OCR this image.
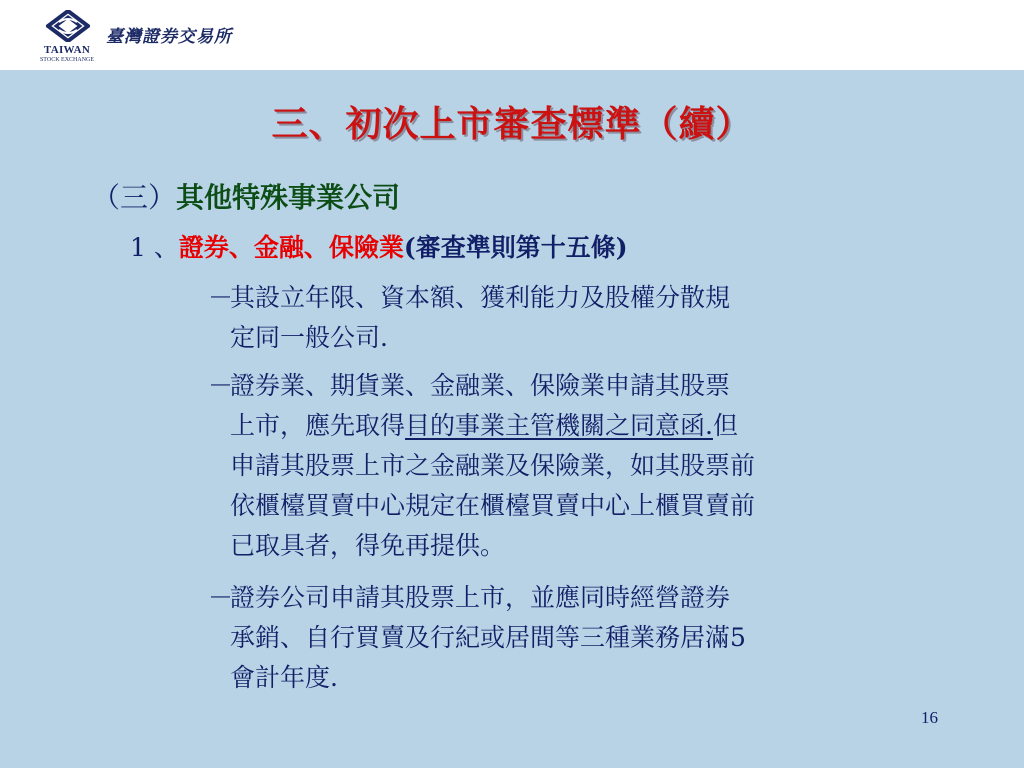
TAIWAN
STOCK EXCHANGE
臺灣證券交易所
三、初次上市審查標準（續）
（三）其他特殊事業公司
1 、證券、金融、保險業(審查準則第十五條)
－其設立年限、資本額、獲利能力及股權分散規
定同一般公司.
－證券業、期貨業、金融業、保險業申請其股票
上市，應先取得目的事業主管機關之同意函.但
申請其股票上市之金融業及保險業，如其股票前
依櫃檯買賣中心規定在櫃檯買賣中心上櫃買賣前
已取具者，得免再提供。
－證券公司申請其股票上市，並應同時經營證券
承銷、自行買賣及行紀或居間等三種業務居滿5
會計年度.
16
